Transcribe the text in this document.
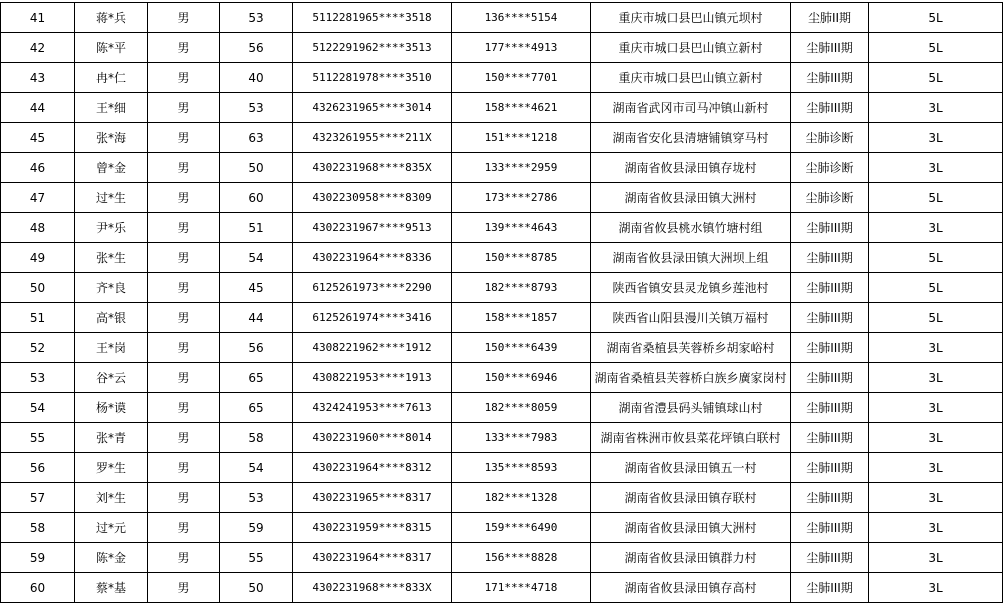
41	蒋*兵	男	53	5112281965****3518	136****5154	重庆市城口县巴山镇元坝村	尘肺II期	5L
42	陈*平	男	56	5122291962****3513	177****4913	重庆市城口县巴山镇立新村	尘肺III期	5L
43	冉*仁	男	40	5112281978****3510	150****7701	重庆市城口县巴山镇立新村	尘肺III期	5L
44	王*细	男	53	4326231965****3014	158****4621	湖南省武冈市司马冲镇山新村	尘肺III期	3L
45	张*海	男	63	4323261955****211X	151****1218	湖南省安化县清塘铺镇穿马村	尘肺诊断	3L
46	曾*金	男	50	4302231968****835X	133****2959	湖南省攸县渌田镇存垅村	尘肺诊断	3L
47	过*生	男	60	4302230958****8309	173****2786	湖南省攸县渌田镇大洲村	尘肺诊断	5L
48	尹*乐	男	51	4302231967****9513	139****4643	湖南省攸县桃水镇竹塘村组	尘肺III期	3L
49	张*生	男	54	4302231964****8336	150****8785	湖南省攸县渌田镇大洲坝上组	尘肺III期	5L
50	齐*良	男	45	6125261973****2290	182****8793	陕西省镇安县灵龙镇乡莲池村	尘肺III期	5L
51	高*银	男	44	6125261974****3416	158****1857	陕西省山阳县漫川关镇万福村	尘肺III期	5L
52	王*岗	男	56	4308221962****1912	150****6439	湖南省桑植县芙蓉桥乡胡家峪村	尘肺III期	3L
53	谷*云	男	65	4308221953****1913	150****6946	湖南省桑植县芙蓉桥白族乡廣家岗村	尘肺III期	3L
54	杨*谟	男	65	4324241953****7613	182****8059	湖南省澧县码头铺镇球山村	尘肺III期	3L
55	张*青	男	58	4302231960****8014	133****7983	湖南省株洲市攸县菜花坪镇白联村	尘肺III期	3L
56	罗*生	男	54	4302231964****8312	135****8593	湖南省攸县渌田镇五一村	尘肺III期	3L
57	刘*生	男	53	4302231965****8317	182****1328	湖南省攸县渌田镇存联村	尘肺III期	3L
58	过*元	男	59	4302231959****8315	159****6490	湖南省攸县渌田镇大洲村	尘肺III期	3L
59	陈*金	男	55	4302231964****8317	156****8828	湖南省攸县渌田镇群力村	尘肺III期	3L
60	蔡*基	男	50	4302231968****833X	171****4718	湖南省攸县渌田镇存高村	尘肺III期	3L
